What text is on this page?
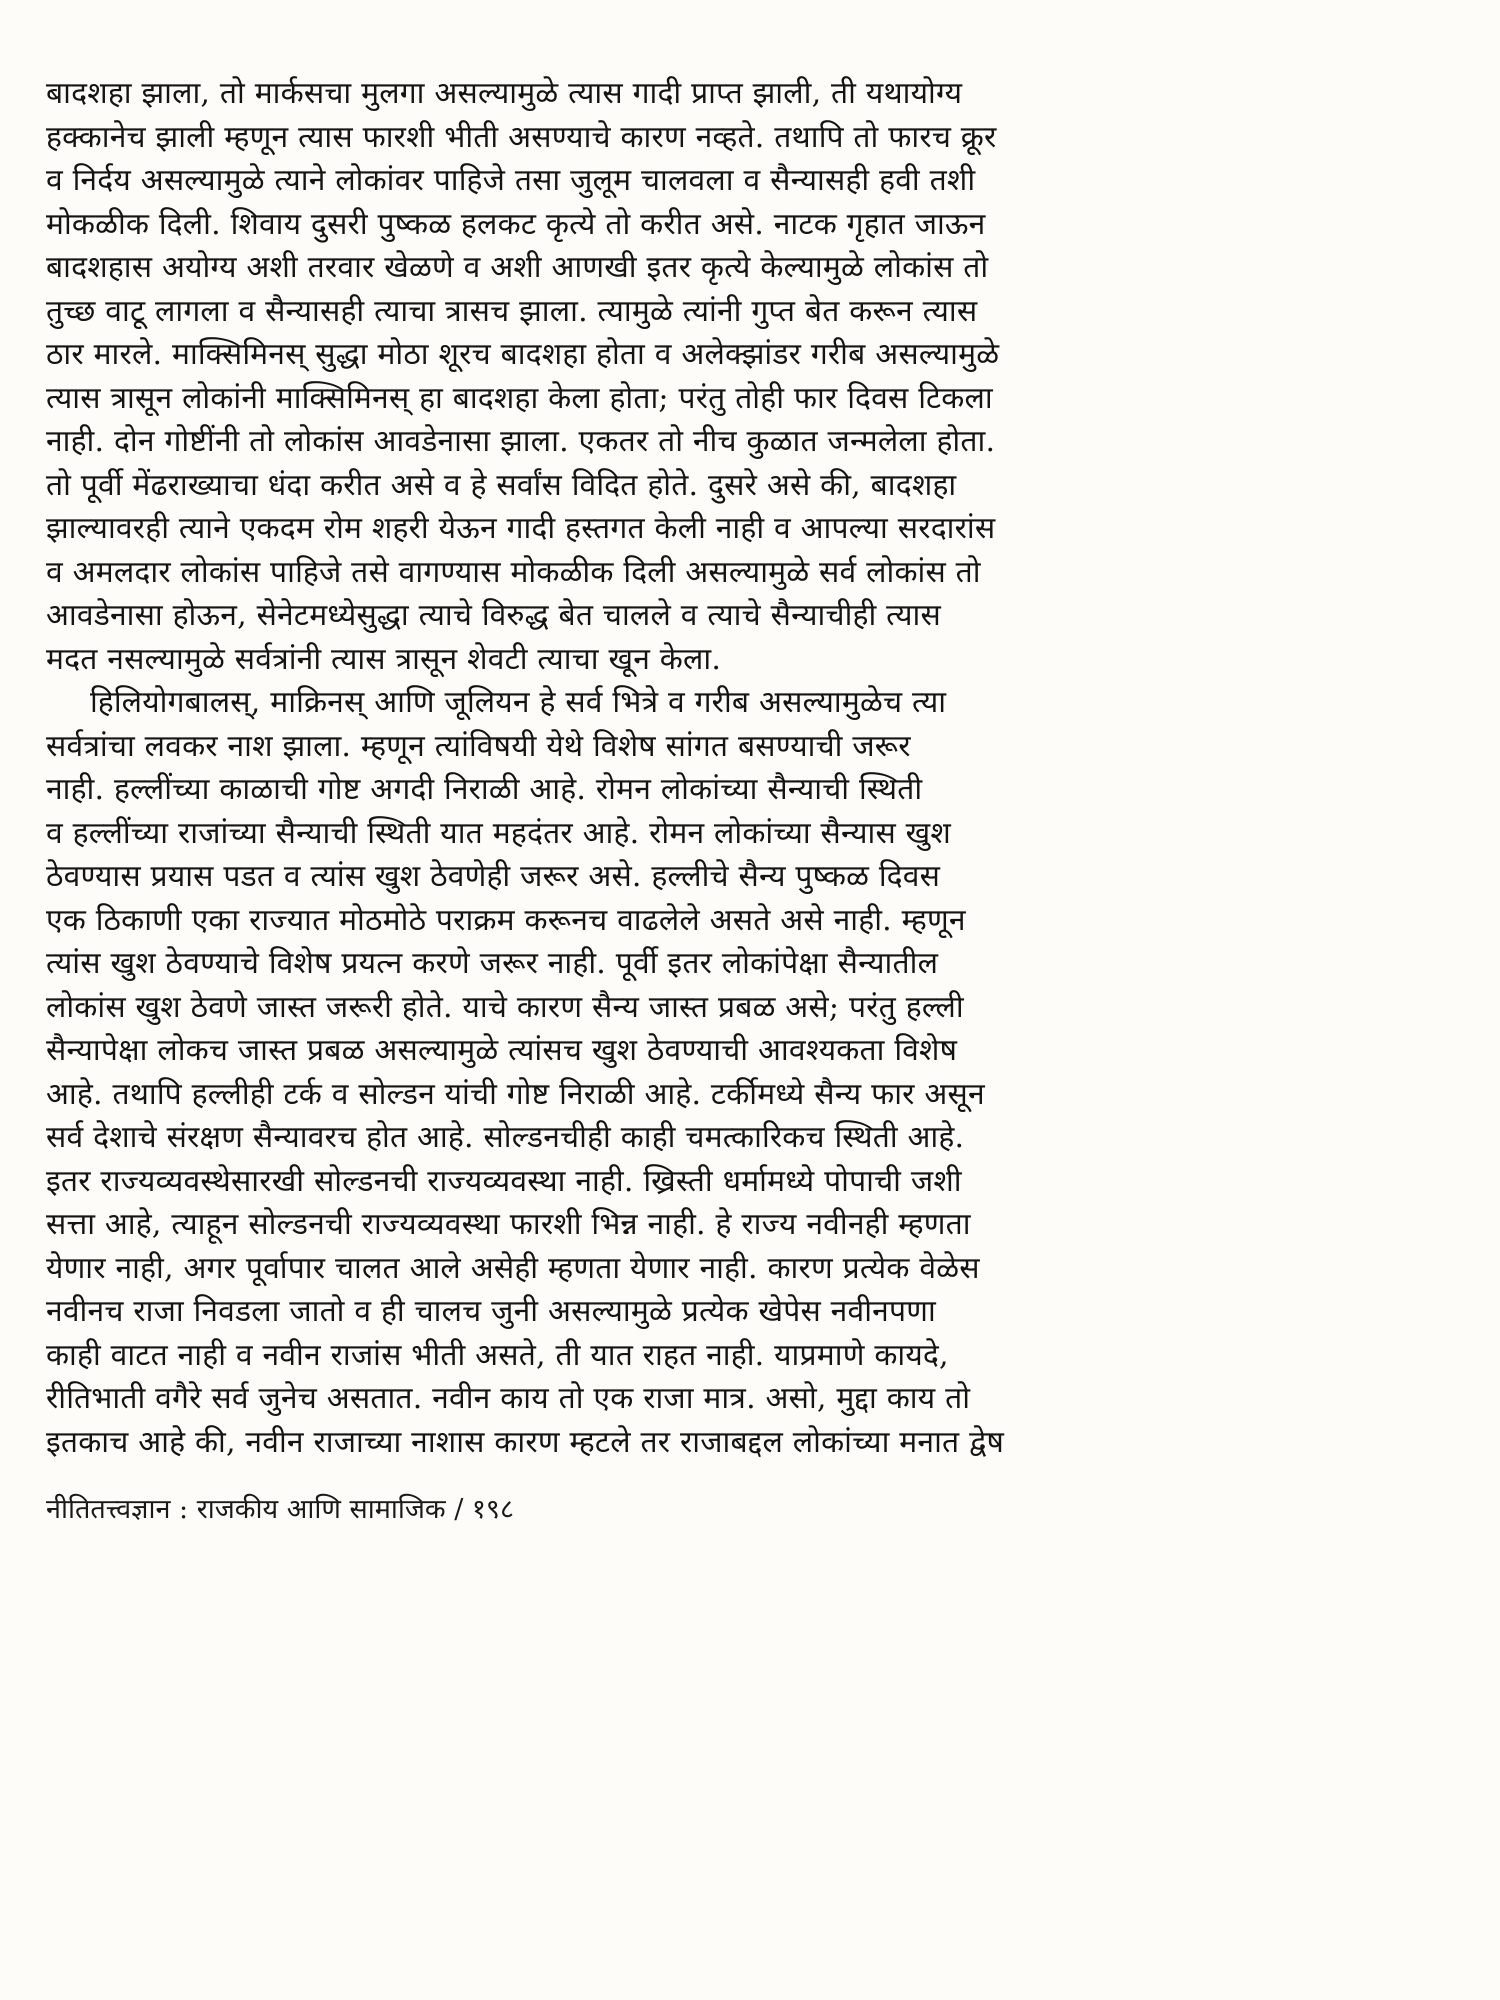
बादशहा झाला, तो मार्कसचा मुलगा असल्यामुळे त्यास गादी प्राप्त झाली, ती यथायोग्य
हक्कानेच झाली म्हणून त्यास फारशी भीती असण्याचे कारण नव्हते. तथापि तो फारच क्रूर
व निर्दय असल्यामुळे त्याने लोकांवर पाहिजे तसा जुलूम चालवला व सैन्यासही हवी तशी
मोकळीक दिली. शिवाय दुसरी पुष्कळ हलकट कृत्ये तो करीत असे. नाटक गृहात जाऊन
बादशहास अयोग्य अशी तरवार खेळणे व अशी आणखी इतर कृत्ये केल्यामुळे लोकांस तो
तुच्छ वाटू लागला व सैन्यासही त्याचा त्रासच झाला. त्यामुळे त्यांनी गुप्त बेत करून त्यास
ठार मारले. माक्सिमिनस् सुद्धा मोठा शूरच बादशहा होता व अलेक्झांडर गरीब असल्यामुळे
त्यास त्रासून लोकांनी माक्सिमिनस् हा बादशहा केला होता; परंतु तोही फार दिवस टिकला
नाही. दोन गोष्टींनी तो लोकांस आवडेनासा झाला. एकतर तो नीच कुळात जन्मलेला होता.
तो पूर्वी मेंढराख्याचा धंदा करीत असे व हे सर्वांस विदित होते. दुसरे असे की, बादशहा
झाल्यावरही त्याने एकदम रोम शहरी येऊन गादी हस्तगत केली नाही व आपल्या सरदारांस
व अमलदार लोकांस पाहिजे तसे वागण्यास मोकळीक दिली असल्यामुळे सर्व लोकांस तो
आवडेनासा होऊन, सेनेटमध्येसुद्धा त्याचे विरुद्ध बेत चालले व त्याचे सैन्याचीही त्यास
मदत नसल्यामुळे सर्वत्रांनी त्यास त्रासून शेवटी त्याचा खून केला.
हिलियोगबालस्, माक्रिनस् आणि जूलियन हे सर्व भित्रे व गरीब असल्यामुळेच त्या
सर्वत्रांचा लवकर नाश झाला. म्हणून त्यांविषयी येथे विशेष सांगत बसण्याची जरूर
नाही. हल्लींच्या काळाची गोष्ट अगदी निराळी आहे. रोमन लोकांच्या सैन्याची स्थिती
व हल्लींच्या राजांच्या सैन्याची स्थिती यात महदंतर आहे. रोमन लोकांच्या सैन्यास खुश
ठेवण्यास प्रयास पडत व त्यांस खुश ठेवणेही जरूर असे. हल्लीचे सैन्य पुष्कळ दिवस
एक ठिकाणी एका राज्यात मोठमोठे पराक्रम करूनच वाढलेले असते असे नाही. म्हणून
त्यांस खुश ठेवण्याचे विशेष प्रयत्न करणे जरूर नाही. पूर्वी इतर लोकांपेक्षा सैन्यातील
लोकांस खुश ठेवणे जास्त जरूरी होते. याचे कारण सैन्य जास्त प्रबळ असे; परंतु हल्ली
सैन्यापेक्षा लोकच जास्त प्रबळ असल्यामुळे त्यांसच खुश ठेवण्याची आवश्यकता विशेष
आहे. तथापि हल्लीही टर्क व सोल्डन यांची गोष्ट निराळी आहे. टर्कीमध्ये सैन्य फार असून
सर्व देशाचे संरक्षण सैन्यावरच होत आहे. सोल्डनचीही काही चमत्कारिकच स्थिती आहे.
इतर राज्यव्यवस्थेसारखी सोल्डनची राज्यव्यवस्था नाही. ख्रिस्ती धर्मामध्ये पोपाची जशी
सत्ता आहे, त्याहून सोल्डनची राज्यव्यवस्था फारशी भिन्न नाही. हे राज्य नवीनही म्हणता
येणार नाही, अगर पूर्वापार चालत आले असेही म्हणता येणार नाही. कारण प्रत्येक वेळेस
नवीनच राजा निवडला जातो व ही चालच जुनी असल्यामुळे प्रत्येक खेपेस नवीनपणा
काही वाटत नाही व नवीन राजांस भीती असते, ती यात राहत नाही. याप्रमाणे कायदे,
रीतिभाती वगैरे सर्व जुनेच असतात. नवीन काय तो एक राजा मात्र. असो, मुद्दा काय तो
इतकाच आहे की, नवीन राजाच्या नाशास कारण म्हटले तर राजाबद्दल लोकांच्या मनात द्वेष
नीतितत्त्वज्ञान : राजकीय आणि सामाजिक / १९८
